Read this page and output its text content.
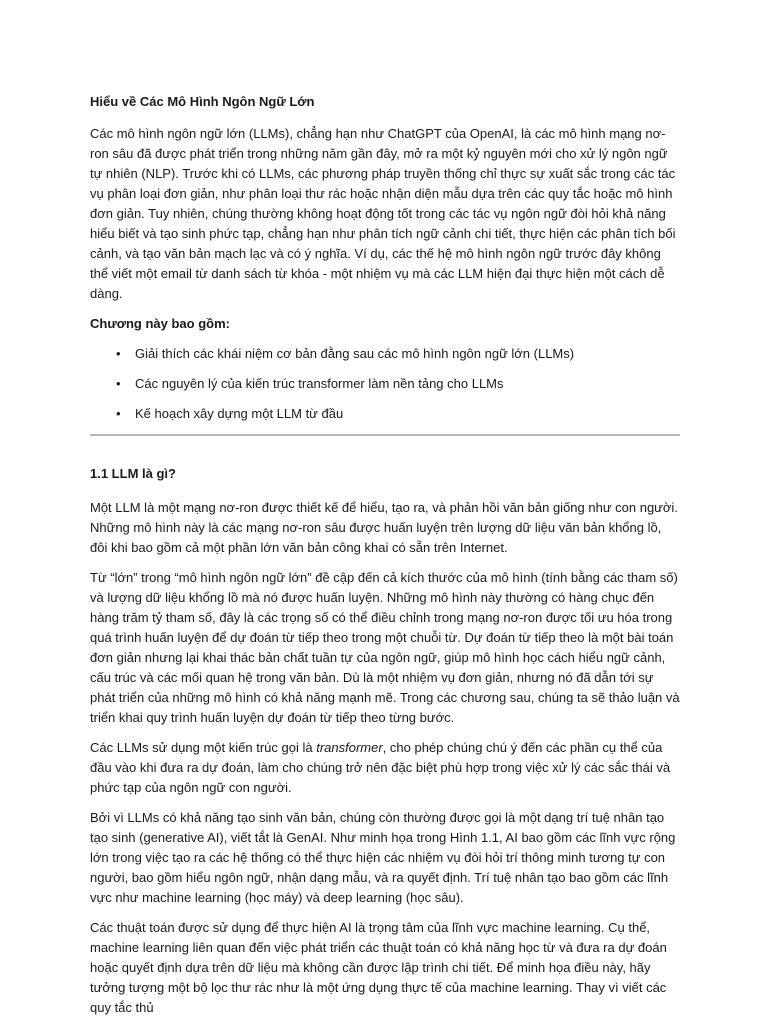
Hiểu về Các Mô Hình Ngôn Ngữ Lớn

Các mô hình ngôn ngữ lớn (LLMs), chẳng hạn như ChatGPT của OpenAI, là các mô hình mạng nơ-ron sâu đã được phát triển trong những năm gần đây, mở ra một kỷ nguyên mới cho xử lý ngôn ngữ tự nhiên (NLP). Trước khi có LLMs, các phương pháp truyền thống chỉ thực sự xuất sắc trong các tác vụ phân loại đơn giản, như phân loại thư rác hoặc nhận diện mẫu dựa trên các quy tắc hoặc mô hình đơn giản. Tuy nhiên, chúng thường không hoạt động tốt trong các tác vụ ngôn ngữ đòi hỏi khả năng hiểu biết và tạo sinh phức tạp, chẳng hạn như phân tích ngữ cảnh chi tiết, thực hiện các phân tích bối cảnh, và tạo văn bản mạch lạc và có ý nghĩa. Ví dụ, các thế hệ mô hình ngôn ngữ trước đây không thể viết một email từ danh sách từ khóa - một nhiệm vụ mà các LLM hiện đại thực hiện một cách dễ dàng.

Chương này bao gồm:

• Giải thích các khái niệm cơ bản đằng sau các mô hình ngôn ngữ lớn (LLMs)
• Các nguyên lý của kiến trúc transformer làm nền tảng cho LLMs
• Kế hoạch xây dựng một LLM từ đầu
1.1 LLM là gì?

Một LLM là một mạng nơ-ron được thiết kế để hiểu, tạo ra, và phản hồi văn bản giống như con người. Những mô hình này là các mạng nơ-ron sâu được huấn luyện trên lượng dữ liệu văn bản khổng lồ, đôi khi bao gồm cả một phần lớn văn bản công khai có sẵn trên Internet.

Từ “lớn” trong “mô hình ngôn ngữ lớn” đề cập đến cả kích thước của mô hình (tính bằng các tham số) và lượng dữ liệu khổng lồ mà nó được huấn luyện. Những mô hình này thường có hàng chục đến hàng trăm tỷ tham số, đây là các trọng số có thể điều chỉnh trong mạng nơ-ron được tối ưu hóa trong quá trình huấn luyện để dự đoán từ tiếp theo trong một chuỗi từ. Dự đoán từ tiếp theo là một bài toán đơn giản nhưng lại khai thác bản chất tuần tự của ngôn ngữ, giúp mô hình học cách hiểu ngữ cảnh, cấu trúc và các mối quan hệ trong văn bản. Dù là một nhiệm vụ đơn giản, nhưng nó đã dẫn tới sự phát triển của những mô hình có khả năng mạnh mẽ. Trong các chương sau, chúng ta sẽ thảo luận và triển khai quy trình huấn luyện dự đoán từ tiếp theo từng bước.

Các LLMs sử dụng một kiến trúc gọi là transformer, cho phép chúng chú ý đến các phần cụ thể của đầu vào khi đưa ra dự đoán, làm cho chúng trở nên đặc biệt phù hợp trong việc xử lý các sắc thái và phức tạp của ngôn ngữ con người.

Bởi vì LLMs có khả năng tạo sinh văn bản, chúng còn thường được gọi là một dạng trí tuệ nhân tạo tạo sinh (generative AI), viết tắt là GenAI. Như minh họa trong Hình 1.1, AI bao gồm các lĩnh vực rộng lớn trong việc tạo ra các hệ thống có thể thực hiện các nhiệm vụ đòi hỏi trí thông minh tương tự con người, bao gồm hiểu ngôn ngữ, nhận dạng mẫu, và ra quyết định. Trí tuệ nhân tạo bao gồm các lĩnh vực như machine learning (học máy) và deep learning (học sâu).

Các thuật toán được sử dụng để thực hiện AI là trọng tâm của lĩnh vực machine learning. Cụ thể, machine learning liên quan đến việc phát triển các thuật toán có khả năng học từ và đưa ra dự đoán hoặc quyết định dựa trên dữ liệu mà không cần được lập trình chi tiết. Để minh họa điều này, hãy tưởng tượng một bộ lọc thư rác như là một ứng dụng thực tế của machine learning. Thay vì viết các quy tắc thủ
